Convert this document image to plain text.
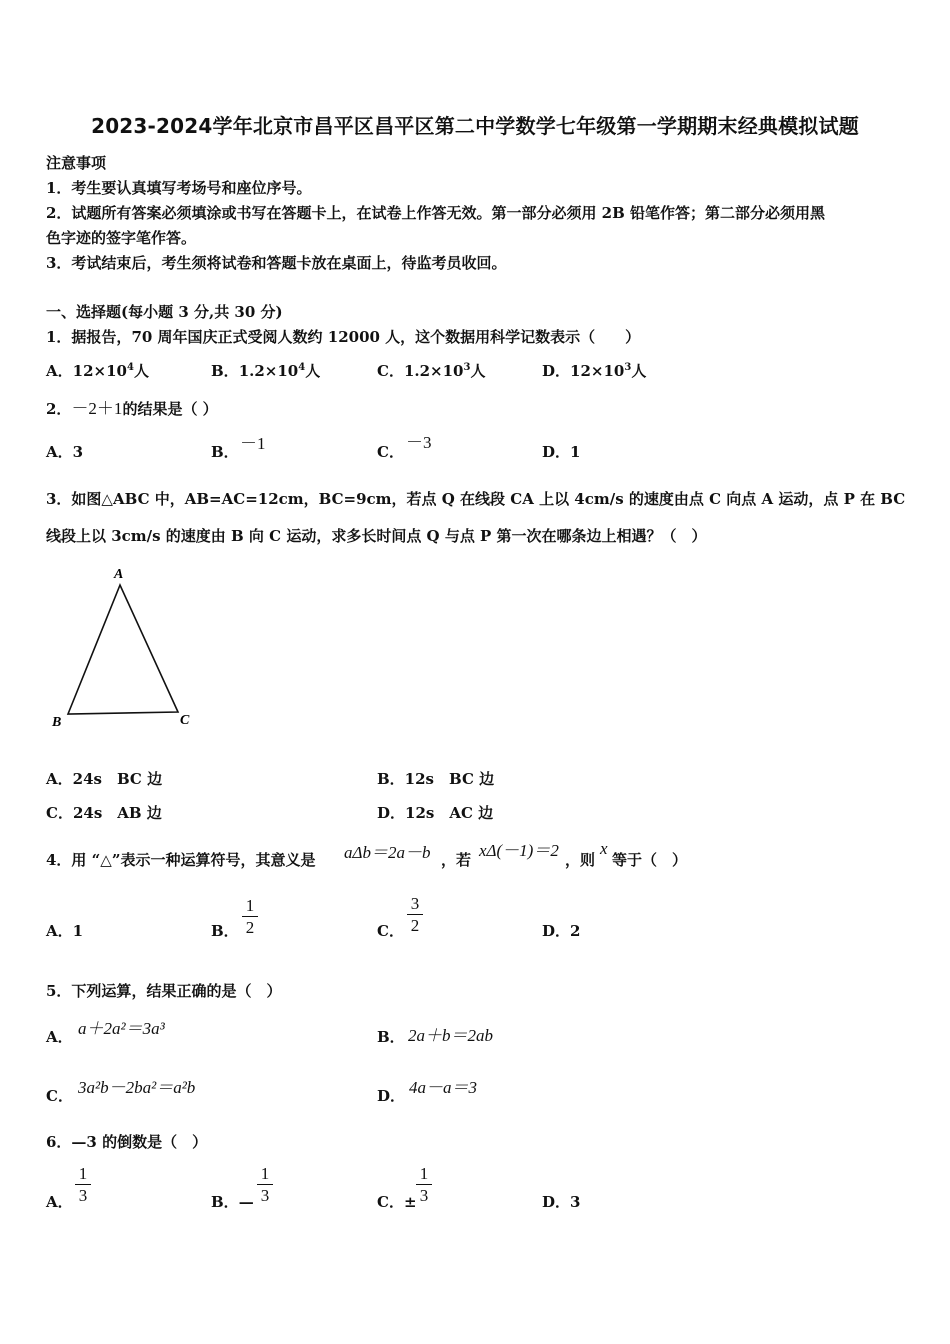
2023-2024学年北京市昌平区昌平区第二中学数学七年级第一学期期末经典模拟试题
注意事项
1．考生要认真填写考场号和座位序号。
2．试题所有答案必须填涂或书写在答题卡上，在试卷上作答无效。第一部分必须用 2B 铅笔作答；第二部分必须用黑
色字迹的签字笔作答。
3．考试结束后，考生须将试卷和答题卡放在桌面上，待监考员收回。
一、选择题(每小题 3 分,共 30 分)
1．据报告，70 周年国庆正式受阅人数约 12000 人，这个数据用科学记数表示（　　）
A．$12\times 10^4$人	B．$1.2\times 10^4$人	C．$1.2\times 10^3$人	D．$12\times 10^3$人
2．－2＋1的结果是（ ）
A．3	B． －1	C． －3	D．1
3．如图△ABC 中，AB=AC=12cm，BC=9cm，若点 Q 在线段 CA 上以 4cm/s 的速度由点 C 向点 A 运动，点 P 在 BC
线段上以 3cm/s 的速度由 B 向 C 运动，求多长时间点 Q 与点 P 第一次在哪条边上相遇？（　）
A
B	C
A．24s　BC 边	B．12s　BC 边
C．24s　AB 边	D．12s　AC 边
4．用 “△”表示一种运算符号，其意义是 aΔb＝2a－b ，若 xΔ(－1)＝2 ，则
x
等于（　）
A．1	B．
1
2	C．
3
2	D．2
5．下列运算，结果正确的是（　）
A． a＋2a²＝3a³	B． 2a＋b＝2ab
C． 3a²b－2ba²＝a²b	D． 4a－a＝3
6．—3 的倒数是（　）
A．
1
3	B．—
1
3	C．±
1
3	D．3
